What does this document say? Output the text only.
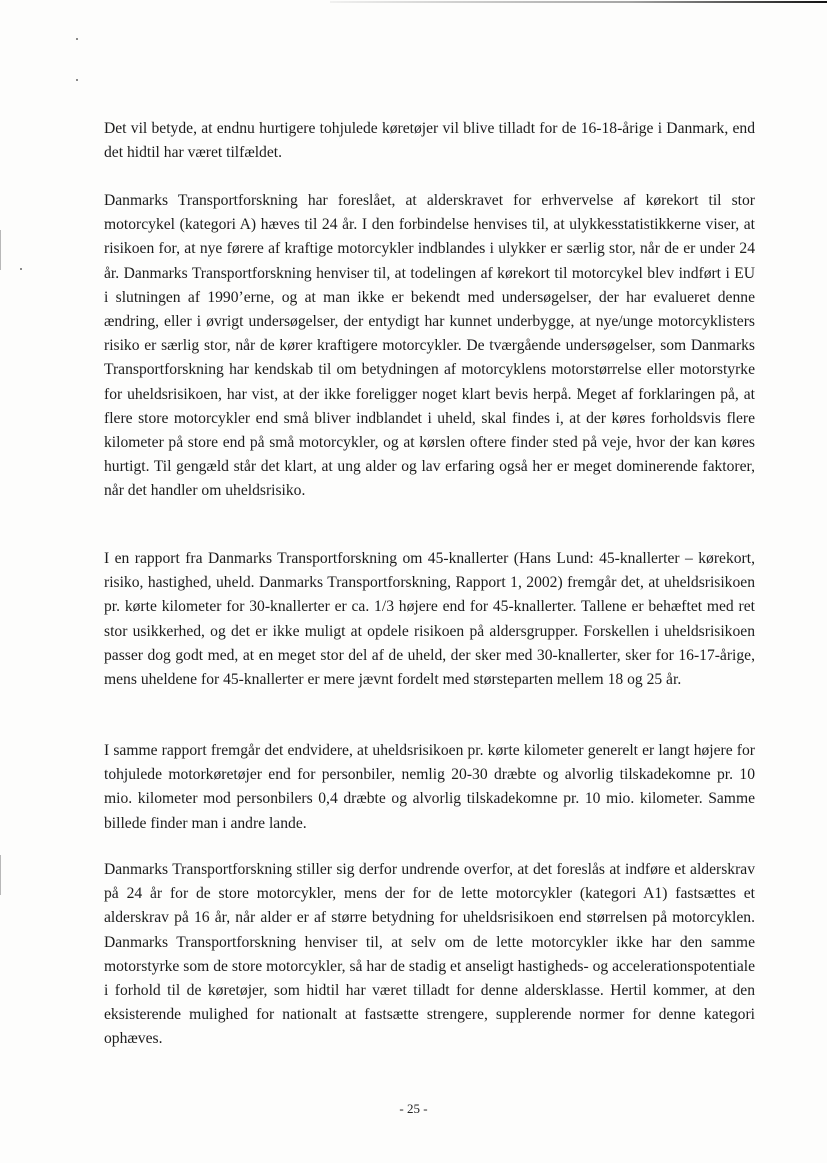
Det vil betyde, at endnu hurtigere tohjulede køretøjer vil blive tilladt for de 16-18-årige i Danmark, end det hidtil har været tilfældet.

Danmarks Transportforskning har foreslået, at alderskravet for erhvervelse af kørekort til stor motorcykel (kategori A) hæves til 24 år. I den forbindelse henvises til, at ulykkesstatistikkerne viser, at risikoen for, at nye førere af kraftige motorcykler indblandes i ulykker er særlig stor, når de er under 24 år. Danmarks Transportforskning henviser til, at todelingen af kørekort til motorcykel blev indført i EU i slutningen af 1990’erne, og at man ikke er bekendt med undersøgelser, der har evalueret denne ændring, eller i øvrigt undersøgelser, der entydigt har kunnet underbygge, at nye/unge motorcyklisters risiko er særlig stor, når de kører kraftigere motorcykler. De tværgående undersøgelser, som Danmarks Transportforskning har kendskab til om betydningen af motorcyklens motorstørrelse eller motorstyrke for uheldsrisikoen, har vist, at der ikke foreligger noget klart bevis herpå. Meget af forklaringen på, at flere store motorcykler end små bliver indblandet i uheld, skal findes i, at der køres forholdsvis flere kilometer på store end på små motorcykler, og at kørslen oftere finder sted på veje, hvor der kan køres hurtigt. Til gengæld står det klart, at ung alder og lav erfaring også her er meget dominerende faktorer, når det handler om uheldsrisiko.

I en rapport fra Danmarks Transportforskning om 45-knallerter (Hans Lund: 45-knallerter – kørekort, risiko, hastighed, uheld. Danmarks Transportforskning, Rapport 1, 2002) fremgår det, at uheldsrisikoen pr. kørte kilometer for 30-knallerter er ca. 1/3 højere end for 45-knallerter. Tallene er behæftet med ret stor usikkerhed, og det er ikke muligt at opdele risikoen på aldersgrupper. Forskellen i uheldsrisikoen passer dog godt med, at en meget stor del af de uheld, der sker med 30-knallerter, sker for 16-17-årige, mens uheldene for 45-knallerter er mere jævnt fordelt med størsteparten mellem 18 og 25 år.

I samme rapport fremgår det endvidere, at uheldsrisikoen pr. kørte kilometer generelt er langt højere for tohjulede motorkøretøjer end for personbiler, nemlig 20-30 dræbte og alvorlig tilskadekomne pr. 10 mio. kilometer mod personbilers 0,4 dræbte og alvorlig tilskadekomne pr. 10 mio. kilometer. Samme billede finder man i andre lande.

Danmarks Transportforskning stiller sig derfor undrende overfor, at det foreslås at indføre et alderskrav på 24 år for de store motorcykler, mens der for de lette motorcykler (kategori A1) fastsættes et alderskrav på 16 år, når alder er af større betydning for uheldsrisikoen end størrelsen på motorcyklen. Danmarks Transportforskning henviser til, at selv om de lette motorcykler ikke har den samme motorstyrke som de store motorcykler, så har de stadig et anseligt hastigheds- og accelerationspotentiale i forhold til de køretøjer, som hidtil har været tilladt for denne aldersklasse. Hertil kommer, at den eksisterende mulighed for nationalt at fastsætte strengere, supplerende normer for denne kategori ophæves.

- 25 -
